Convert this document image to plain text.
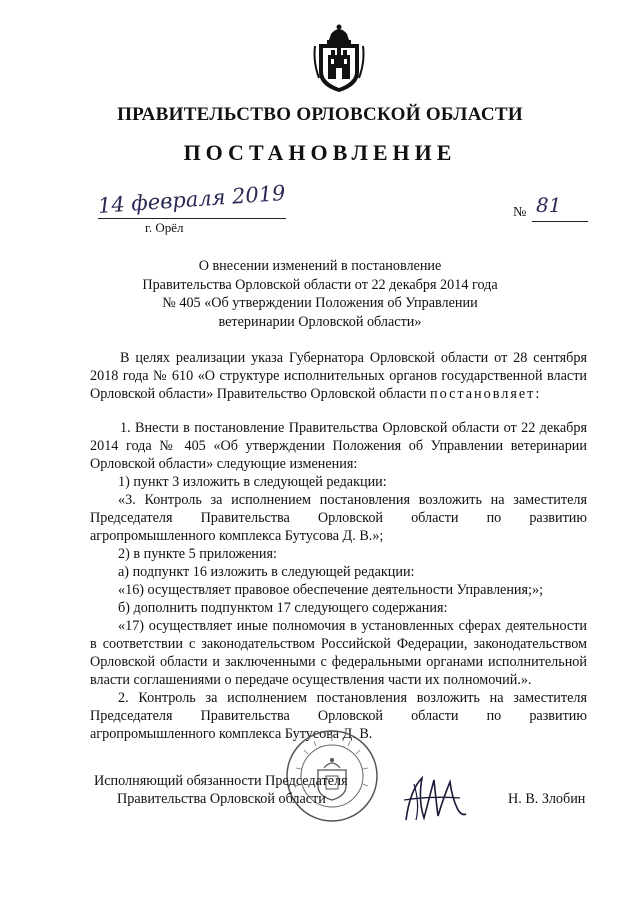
ПРАВИТЕЛЬСТВО ОРЛОВСКОЙ ОБЛАСТИ
ПОСТАНОВЛЕНИЕ
14 февраля 2019
г. Орёл
№ 81
О внесении изменений в постановление
Правительства Орловской области от 22 декабря 2014 года
№ 405 «Об утверждении Положения об Управлении
ветеринарии Орловской области»

В целях реализации указа Губернатора Орловской области от 28 сентября 2018 года № 610 «О структуре исполнительных органов государственной власти Орловской области» Правительство Орловской области постановляет:

1. Внести в постановление Правительства Орловской области от 22 декабря 2014 года № 405 «Об утверждении Положения об Управлении ветеринарии Орловской области» следующие изменения:

1) пункт 3 изложить в следующей редакции:

«3. Контроль за исполнением постановления возложить на заместителя Председателя Правительства Орловской области по развитию агропромышленного комплекса Бутусова Д. В.»;

2) в пункте 5 приложения:

а) подпункт 16 изложить в следующей редакции:

«16) осуществляет правовое обеспечение деятельности Управления;»;

б) дополнить подпунктом 17 следующего содержания:

«17) осуществляет иные полномочия в установленных сферах деятельности в соответствии с законодательством Российской Федерации, законодательством Орловской области и заключенными с федеральными органами исполнительной власти соглашениями о передаче осуществления части их полномочий.».

2. Контроль за исполнением постановления возложить на заместителя Председателя Правительства Орловской области по развитию агропромышленного комплекса Бутусова Д. В.

Исполняющий обязанности Председателя
Правительства Орловской области	Н. В. Злобин
